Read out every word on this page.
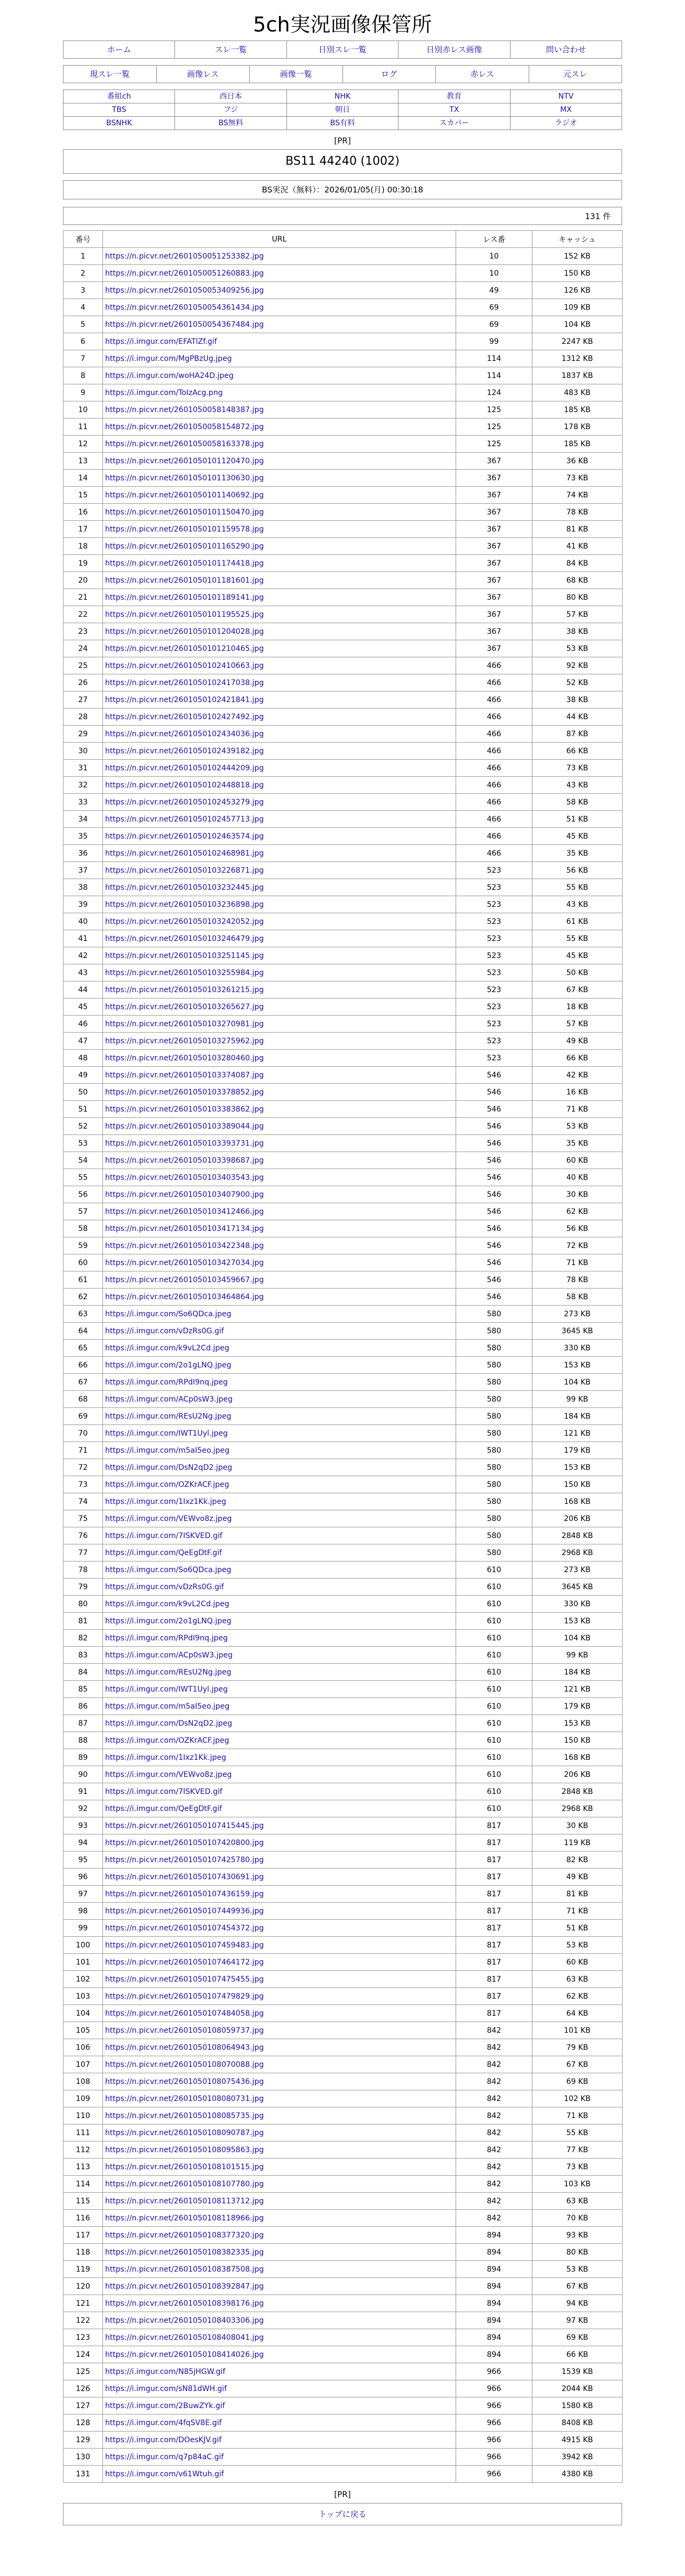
5ch実況画像保管所
ホーム	スレ一覧	日別スレ一覧	日別赤レス画像	問い合わせ
現スレ一覧	画像レス	画像一覧	ログ	赤レス	元スレ
番組ch	西日本	NHK	教育	NTV

TBS	フジ	朝日	TX	MX

BSNHK	BS無料	BS有料	スカパー	ラジオ
[PR]
BS11 44240 (1002)
BS実況（無料）：2026/01/05(月) 00:30:18
131 件
番号	URL	レス番	キャッシュ
1	https://n.picvr.net/2601050051253382.jpg	10	152 KB
2	https://n.picvr.net/2601050051260883.jpg	10	150 KB
3	https://n.picvr.net/2601050053409256.jpg	49	126 KB
4	https://n.picvr.net/2601050054361434.jpg	69	109 KB
5	https://n.picvr.net/2601050054367484.jpg	69	104 KB
6	https://i.imgur.com/EFATlZf.gif	99	2247 KB
7	https://i.imgur.com/MgPBzUg.jpeg	114	1312 KB
8	https://i.imgur.com/woHA24D.jpeg	114	1837 KB
9	https://i.imgur.com/ToIzAcg.png	124	483 KB
10	https://n.picvr.net/2601050058148387.jpg	125	185 KB
11	https://n.picvr.net/2601050058154872.jpg	125	178 KB
12	https://n.picvr.net/2601050058163378.jpg	125	185 KB
13	https://n.picvr.net/2601050101120470.jpg	367	36 KB
14	https://n.picvr.net/2601050101130630.jpg	367	73 KB
15	https://n.picvr.net/2601050101140692.jpg	367	74 KB
16	https://n.picvr.net/2601050101150470.jpg	367	78 KB
17	https://n.picvr.net/2601050101159578.jpg	367	81 KB
18	https://n.picvr.net/2601050101165290.jpg	367	41 KB
19	https://n.picvr.net/2601050101174418.jpg	367	84 KB
20	https://n.picvr.net/2601050101181601.jpg	367	68 KB
21	https://n.picvr.net/2601050101189141.jpg	367	80 KB
22	https://n.picvr.net/2601050101195525.jpg	367	57 KB
23	https://n.picvr.net/2601050101204028.jpg	367	38 KB
24	https://n.picvr.net/2601050101210465.jpg	367	53 KB
25	https://n.picvr.net/2601050102410663.jpg	466	92 KB
26	https://n.picvr.net/2601050102417038.jpg	466	52 KB
27	https://n.picvr.net/2601050102421841.jpg	466	38 KB
28	https://n.picvr.net/2601050102427492.jpg	466	44 KB
29	https://n.picvr.net/2601050102434036.jpg	466	87 KB
30	https://n.picvr.net/2601050102439182.jpg	466	66 KB
31	https://n.picvr.net/2601050102444209.jpg	466	73 KB
32	https://n.picvr.net/2601050102448818.jpg	466	43 KB
33	https://n.picvr.net/2601050102453279.jpg	466	58 KB
34	https://n.picvr.net/2601050102457713.jpg	466	51 KB
35	https://n.picvr.net/2601050102463574.jpg	466	45 KB
36	https://n.picvr.net/2601050102468981.jpg	466	35 KB
37	https://n.picvr.net/2601050103226871.jpg	523	56 KB
38	https://n.picvr.net/2601050103232445.jpg	523	55 KB
39	https://n.picvr.net/2601050103236898.jpg	523	43 KB
40	https://n.picvr.net/2601050103242052.jpg	523	61 KB
41	https://n.picvr.net/2601050103246479.jpg	523	55 KB
42	https://n.picvr.net/2601050103251145.jpg	523	45 KB
43	https://n.picvr.net/2601050103255984.jpg	523	50 KB
44	https://n.picvr.net/2601050103261215.jpg	523	67 KB
45	https://n.picvr.net/2601050103265627.jpg	523	18 KB
46	https://n.picvr.net/2601050103270981.jpg	523	57 KB
47	https://n.picvr.net/2601050103275962.jpg	523	49 KB
48	https://n.picvr.net/2601050103280460.jpg	523	66 KB
49	https://n.picvr.net/2601050103374087.jpg	546	42 KB
50	https://n.picvr.net/2601050103378852.jpg	546	16 KB
51	https://n.picvr.net/2601050103383862.jpg	546	71 KB
52	https://n.picvr.net/2601050103389044.jpg	546	53 KB
53	https://n.picvr.net/2601050103393731.jpg	546	35 KB
54	https://n.picvr.net/2601050103398687.jpg	546	60 KB
55	https://n.picvr.net/2601050103403543.jpg	546	40 KB
56	https://n.picvr.net/2601050103407900.jpg	546	30 KB
57	https://n.picvr.net/2601050103412466.jpg	546	62 KB
58	https://n.picvr.net/2601050103417134.jpg	546	56 KB
59	https://n.picvr.net/2601050103422348.jpg	546	72 KB
60	https://n.picvr.net/2601050103427034.jpg	546	71 KB
61	https://n.picvr.net/2601050103459667.jpg	546	78 KB
62	https://n.picvr.net/2601050103464864.jpg	546	58 KB
63	https://i.imgur.com/So6QDca.jpeg	580	273 KB
64	https://i.imgur.com/vDzRs0G.gif	580	3645 KB
65	https://i.imgur.com/k9vL2Cd.jpeg	580	330 KB
66	https://i.imgur.com/2o1gLNQ.jpeg	580	153 KB
67	https://i.imgur.com/RPdI9nq.jpeg	580	104 KB
68	https://i.imgur.com/ACp0sW3.jpeg	580	99 KB
69	https://i.imgur.com/REsU2Ng.jpeg	580	184 KB
70	https://i.imgur.com/IWT1Uyl.jpeg	580	121 KB
71	https://i.imgur.com/m5aI5eo.jpeg	580	179 KB
72	https://i.imgur.com/DsN2qD2.jpeg	580	153 KB
73	https://i.imgur.com/OZKrACF.jpeg	580	150 KB
74	https://i.imgur.com/1Ixz1Kk.jpeg	580	168 KB
75	https://i.imgur.com/VEWvo8z.jpeg	580	206 KB
76	https://i.imgur.com/7ISKVED.gif	580	2848 KB
77	https://i.imgur.com/QeEgDtF.gif	580	2968 KB
78	https://i.imgur.com/So6QDca.jpeg	610	273 KB
79	https://i.imgur.com/vDzRs0G.gif	610	3645 KB
80	https://i.imgur.com/k9vL2Cd.jpeg	610	330 KB
81	https://i.imgur.com/2o1gLNQ.jpeg	610	153 KB
82	https://i.imgur.com/RPdI9nq.jpeg	610	104 KB
83	https://i.imgur.com/ACp0sW3.jpeg	610	99 KB
84	https://i.imgur.com/REsU2Ng.jpeg	610	184 KB
85	https://i.imgur.com/IWT1Uyl.jpeg	610	121 KB
86	https://i.imgur.com/m5aI5eo.jpeg	610	179 KB
87	https://i.imgur.com/DsN2qD2.jpeg	610	153 KB
88	https://i.imgur.com/OZKrACF.jpeg	610	150 KB
89	https://i.imgur.com/1Ixz1Kk.jpeg	610	168 KB
90	https://i.imgur.com/VEWvo8z.jpeg	610	206 KB
91	https://i.imgur.com/7ISKVED.gif	610	2848 KB
92	https://i.imgur.com/QeEgDtF.gif	610	2968 KB
93	https://n.picvr.net/2601050107415445.jpg	817	30 KB
94	https://n.picvr.net/2601050107420800.jpg	817	119 KB
95	https://n.picvr.net/2601050107425780.jpg	817	82 KB
96	https://n.picvr.net/2601050107430691.jpg	817	49 KB
97	https://n.picvr.net/2601050107436159.jpg	817	81 KB
98	https://n.picvr.net/2601050107449936.jpg	817	71 KB
99	https://n.picvr.net/2601050107454372.jpg	817	51 KB
100	https://n.picvr.net/2601050107459483.jpg	817	53 KB
101	https://n.picvr.net/2601050107464172.jpg	817	60 KB
102	https://n.picvr.net/2601050107475455.jpg	817	63 KB
103	https://n.picvr.net/2601050107479829.jpg	817	62 KB
104	https://n.picvr.net/2601050107484058.jpg	817	64 KB
105	https://n.picvr.net/2601050108059737.jpg	842	101 KB
106	https://n.picvr.net/2601050108064943.jpg	842	79 KB
107	https://n.picvr.net/2601050108070088.jpg	842	67 KB
108	https://n.picvr.net/2601050108075436.jpg	842	69 KB
109	https://n.picvr.net/2601050108080731.jpg	842	102 KB
110	https://n.picvr.net/2601050108085735.jpg	842	71 KB
111	https://n.picvr.net/2601050108090787.jpg	842	55 KB
112	https://n.picvr.net/2601050108095863.jpg	842	77 KB
113	https://n.picvr.net/2601050108101515.jpg	842	73 KB
114	https://n.picvr.net/2601050108107780.jpg	842	103 KB
115	https://n.picvr.net/2601050108113712.jpg	842	63 KB
116	https://n.picvr.net/2601050108118966.jpg	842	70 KB
117	https://n.picvr.net/2601050108377320.jpg	894	93 KB
118	https://n.picvr.net/2601050108382335.jpg	894	80 KB
119	https://n.picvr.net/2601050108387508.jpg	894	53 KB
120	https://n.picvr.net/2601050108392847.jpg	894	67 KB
121	https://n.picvr.net/2601050108398176.jpg	894	94 KB
122	https://n.picvr.net/2601050108403306.jpg	894	97 KB
123	https://n.picvr.net/2601050108408041.jpg	894	69 KB
124	https://n.picvr.net/2601050108414026.jpg	894	66 KB
125	https://i.imgur.com/N85jHGW.gif	966	1539 KB
126	https://i.imgur.com/sN81dWH.gif	966	2044 KB
127	https://i.imgur.com/2BuwZYk.gif	966	1580 KB
128	https://i.imgur.com/4fqSV8E.gif	966	8408 KB
129	https://i.imgur.com/DOesKJV.gif	966	4915 KB
130	https://i.imgur.com/q7p84aC.gif	966	3942 KB
131	https://i.imgur.com/v61Wtuh.gif	966	4380 KB
[PR]
トップに戻る
